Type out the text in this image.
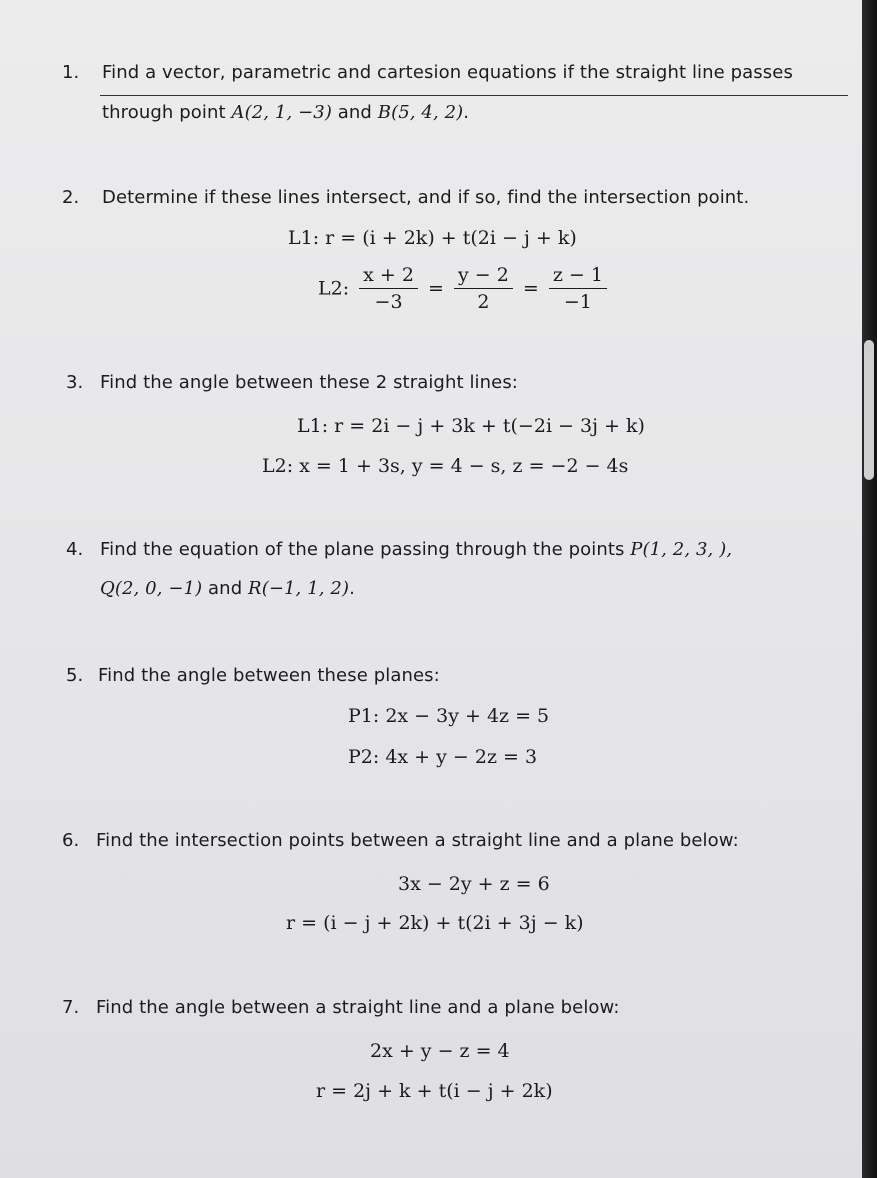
1. Find a vector, parametric and cartesion equations if the straight line passes
through point A(2, 1, −3) and B(5, 4, 2).
2. Determine if these lines intersect, and if so, find the intersection point.
L1: r = (i + 2k) + t(2i − j + k)
L2: $\frac{x + 2}{-3} = \frac{y - 2}{2} = \frac{z - 1}{-1}$
3. Find the angle between these 2 straight lines:
L1: r = 2i − j + 3k + t(−2i − 3j + k)
L2: x = 1 + 3s, y = 4 − s, z = −2 − 4s
4. Find the equation of the plane passing through the points P(1, 2, 3, ),
Q(2, 0, −1) and R(−1, 1, 2).
5. Find the angle between these planes:
P1: 2x − 3y + 4z = 5
P2: 4x + y − 2z = 3
6. Find the intersection points between a straight line and a plane below:
3x − 2y + z = 6
r = (i − j + 2k) + t(2i + 3j − k)
7. Find the angle between a straight line and a plane below:
2x + y − z = 4
r = 2j + k + t(i − j + 2k)
